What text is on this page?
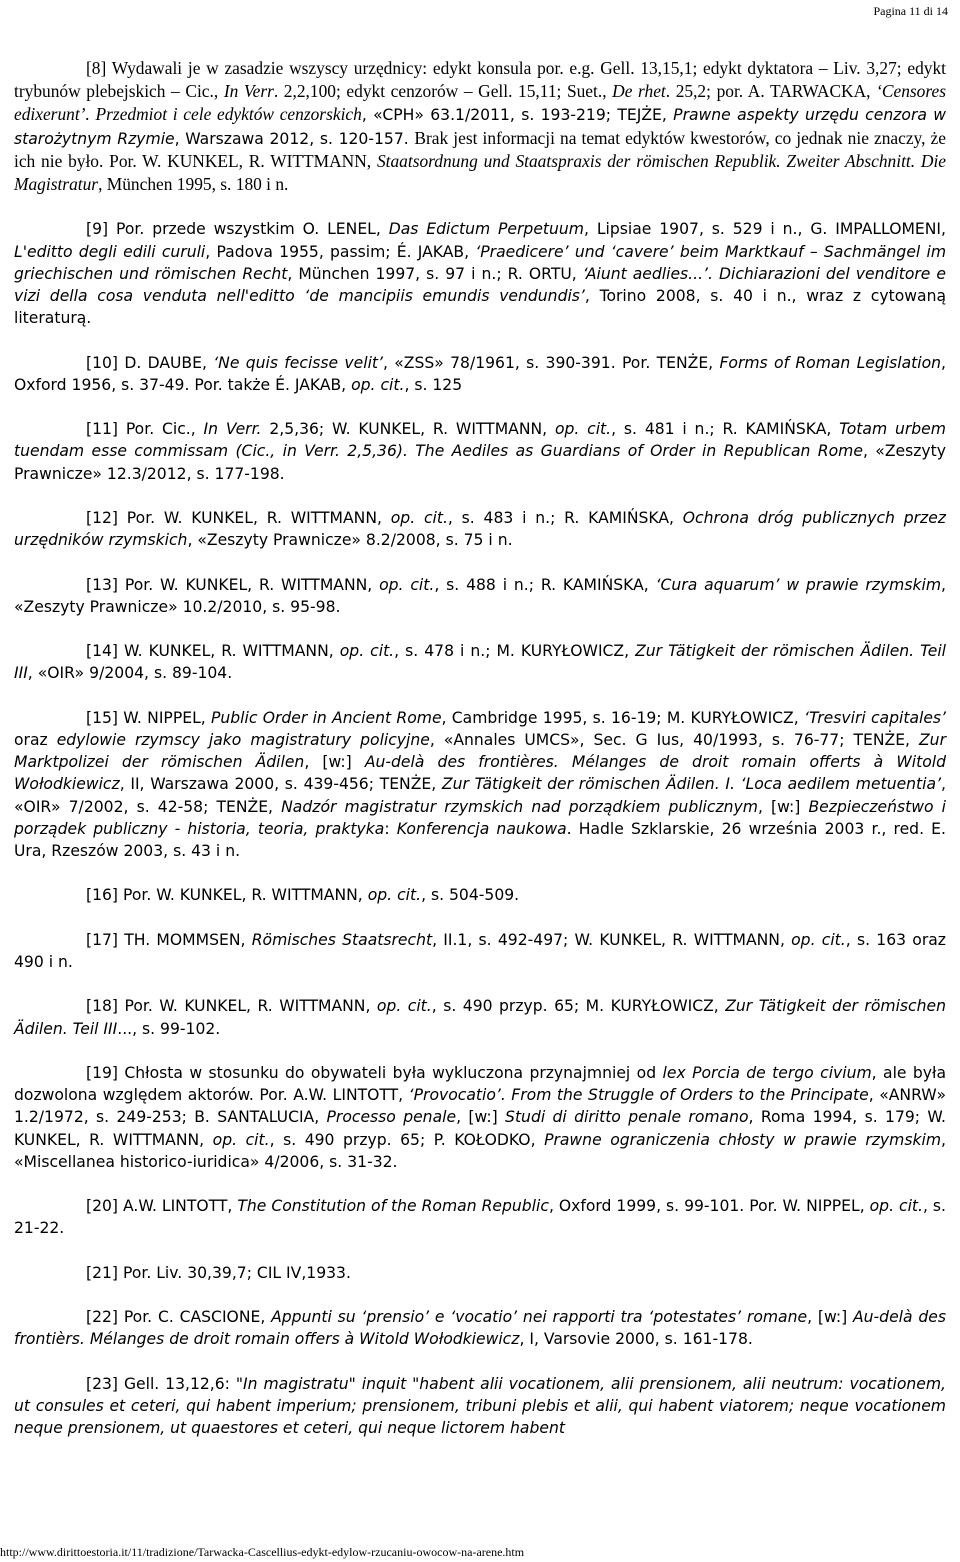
Pagina 11 di 14

[8] Wydawali je w zasadzie wszyscy urzędnicy: edykt konsula por. e.g. Gell. 13,15,1; edykt dyktatora – Liv. 3,27; edykt trybunów plebejskich – Cic., In Verr. 2,2,100; edykt cenzorów – Gell. 15,11; Suet., De rhet. 25,2; por. A. TARWACKA, ‘Censores edixerunt’. Przedmiot i cele edyktów cenzorskich, «CPH» 63.1/2011, s. 193-219; TEJŻE, Prawne aspekty urzędu cenzora w starożytnym Rzymie, Warszawa 2012, s. 120-157. Brak jest informacji na temat edyktów kwestorów, co jednak nie znaczy, że ich nie było. Por. W. KUNKEL, R. WITTMANN, Staatsordnung und Staatspraxis der römischen Republik. Zweiter Abschnitt. Die Magistratur, München 1995, s. 180 i n.

[9] Por. przede wszystkim O. LENEL, Das Edictum Perpetuum, Lipsiae 1907, s. 529 i n., G. IMPALLOMENI, L'editto degli edili curuli, Padova 1955, passim; É. JAKAB, ‘Praedicere’ und ‘cavere’ beim Marktkauf – Sachmängel im griechischen und römischen Recht, München 1997, s. 97 i n.; R. ORTU, ‘Aiunt aedlies...’. Dichiarazioni del venditore e vizi della cosa venduta nell'editto ‘de mancipiis emundis vendundis’, Torino 2008, s. 40 i n., wraz z cytowaną literaturą.

[10] D. DAUBE, ‘Ne quis fecisse velit’, «ZSS» 78/1961, s. 390-391. Por. TENŻE, Forms of Roman Legislation, Oxford 1956, s. 37-49. Por. także É. JAKAB, op. cit., s. 125

[11] Por. Cic., In Verr. 2,5,36; W. KUNKEL, R. WITTMANN, op. cit., s. 481 i n.; R. KAMIŃSKA, Totam urbem tuendam esse commissam (Cic., in Verr. 2,5,36). The Aediles as Guardians of Order in Republican Rome, «Zeszyty Prawnicze» 12.3/2012, s. 177-198.

[12] Por. W. KUNKEL, R. WITTMANN, op. cit., s. 483 i n.; R. KAMIŃSKA, Ochrona dróg publicznych przez urzędników rzymskich, «Zeszyty Prawnicze» 8.2/2008, s. 75 i n.

[13] Por. W. KUNKEL, R. WITTMANN, op. cit., s. 488 i n.; R. KAMIŃSKA, ‘Cura aquarum’ w prawie rzymskim, «Zeszyty Prawnicze» 10.2/2010, s. 95-98.

[14] W. KUNKEL, R. WITTMANN, op. cit., s. 478 i n.; M. KURYŁOWICZ, Zur Tätigkeit der römischen Ädilen. Teil III, «OIR» 9/2004, s. 89-104.

[15] W. NIPPEL, Public Order in Ancient Rome, Cambridge 1995, s. 16-19; M. KURYŁOWICZ, ‘Tresviri capitales’ oraz edylowie rzymscy jako magistratury policyjne, «Annales UMCS», Sec. G Ius, 40/1993, s. 76-77; TENŻE, Zur Marktpolizei der römischen Ädilen, [w:] Au-delà des frontières. Mélanges de droit romain offerts à Witold Wołodkiewicz, II, Warszawa 2000, s. 439-456; TENŻE, Zur Tätigkeit der römischen Ädilen. I. ‘Loca aedilem metuentia’, «OIR» 7/2002, s. 42-58; TENŻE, Nadzór magistratur rzymskich nad porządkiem publicznym, [w:] Bezpieczeństwo i porządek publiczny - historia, teoria, praktyka: Konferencja naukowa. Hadle Szklarskie, 26 września 2003 r., red. E. Ura, Rzeszów 2003, s. 43 i n.

[16] Por. W. KUNKEL, R. WITTMANN, op. cit., s. 504-509.

[17] TH. MOMMSEN, Römisches Staatsrecht, II.1, s. 492-497; W. KUNKEL, R. WITTMANN, op. cit., s. 163 oraz 490 i n.

[18] Por. W. KUNKEL, R. WITTMANN, op. cit., s. 490 przyp. 65; M. KURYŁOWICZ, Zur Tätigkeit der römischen Ädilen. Teil III..., s. 99-102.

[19] Chłosta w stosunku do obywateli była wykluczona przynajmniej od lex Porcia de tergo civium, ale była dozwolona względem aktorów. Por. A.W. LINTOTT, ‘Provocatio’. From the Struggle of Orders to the Principate, «ANRW» 1.2/1972, s. 249-253; B. SANTALUCIA, Processo penale, [w:] Studi di diritto penale romano, Roma 1994, s. 179; W. KUNKEL, R. WITTMANN, op. cit., s. 490 przyp. 65; P. KOŁODKO, Prawne ograniczenia chłosty w prawie rzymskim, «Miscellanea historico-iuridica» 4/2006, s. 31-32.

[20] A.W. LINTOTT, The Constitution of the Roman Republic, Oxford 1999, s. 99-101. Por. W. NIPPEL, op. cit., s. 21-22.

[21] Por. Liv. 30,39,7; CIL IV,1933.

[22] Por. C. CASCIONE, Appunti su ‘prensio’ e ‘vocatio’ nei rapporti tra ‘potestates’ romane, [w:] Au-delà des frontièrs. Mélanges de droit romain offers à Witold Wołodkiewicz, I, Varsovie 2000, s. 161-178.

[23] Gell. 13,12,6: "In magistratu" inquit "habent alii vocationem, alii prensionem, alii neutrum: vocationem, ut consules et ceteri, qui habent imperium; prensionem, tribuni plebis et alii, qui habent viatorem; neque vocationem neque prensionem, ut quaestores et ceteri, qui neque lictorem habent

http://www.dirittoestoria.it/11/tradizione/Tarwacka-Cascellius-edykt-edylow-rzucaniu-owocow-na-arene.htm
